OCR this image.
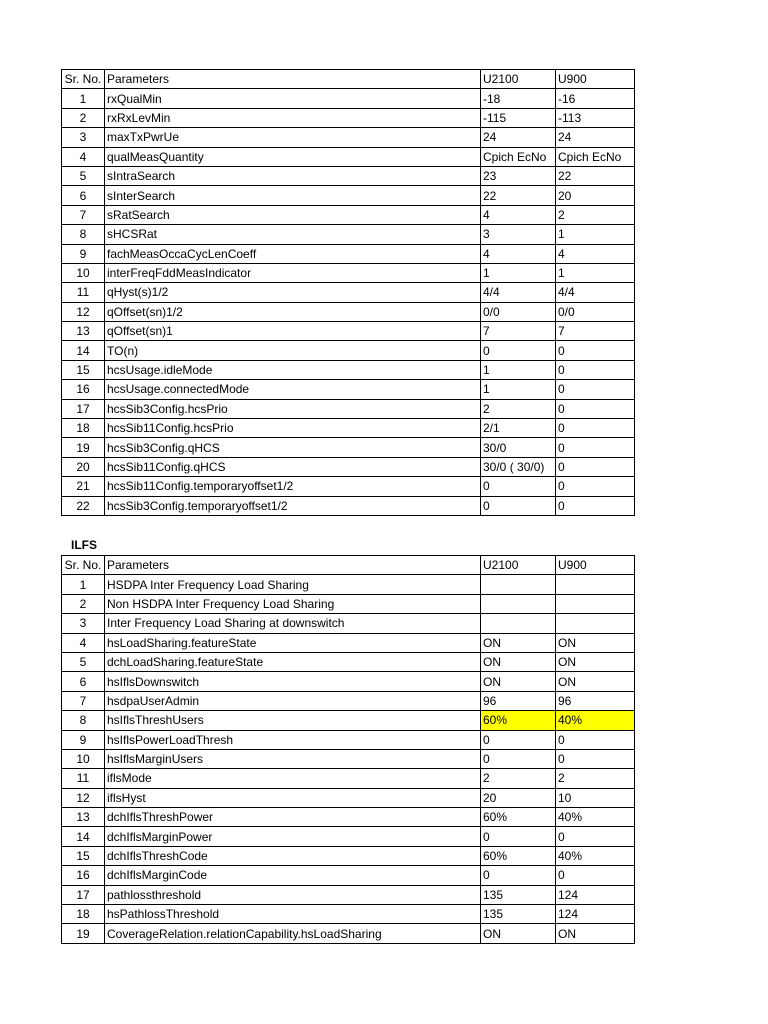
Sr. No.	Parameters	U2100	U900
1	rxQualMin	-18	-16
2	rxRxLevMin	-115	-113
3	maxTxPwrUe	24	24
4	qualMeasQuantity	Cpich EcNo	Cpich EcNo
5	sIntraSearch	23	22
6	sInterSearch	22	20
7	sRatSearch	4	2
8	sHCSRat	3	1
9	fachMeasOccaCycLenCoeff	4	4
10	interFreqFddMeasIndicator	1	1
11	qHyst(s)1/2	4/4	4/4
12	qOffset(sn)1/2	0/0	0/0
13	qOffset(sn)1	7	7
14	TO(n)	0	0
15	hcsUsage.idleMode	1	0
16	hcsUsage.connectedMode	1	0
17	hcsSib3Config.hcsPrio	2	0
18	hcsSib11Config.hcsPrio	2/1	0
19	hcsSib3Config.qHCS	30/0	0
20	hcsSib11Config.qHCS	30/0 ( 30/0)	0
21	hcsSib11Config.temporaryoffset1/2	0	0
22	hcsSib3Config.temporaryoffset1/2	0	0
ILFS
Sr. No.	Parameters	U2100	U900
1	HSDPA Inter Frequency Load Sharing		
2	Non HSDPA Inter Frequency Load Sharing		
3	Inter Frequency Load Sharing at downswitch		
4	hsLoadSharing.featureState	ON	ON
5	dchLoadSharing.featureState	ON	ON
6	hsIflsDownswitch	ON	ON
7	hsdpaUserAdmin	96	96
8	hsIflsThreshUsers	60%	40%
9	hsIflsPowerLoadThresh	0	0
10	hsIflsMarginUsers	0	0
11	iflsMode	2	2
12	iflsHyst	20	10
13	dchIflsThreshPower	60%	40%
14	dchIflsMarginPower	0	0
15	dchIflsThreshCode	60%	40%
16	dchIflsMarginCode	0	0
17	pathlossthreshold	135	124
18	hsPathlossThreshold	135	124
19	CoverageRelation.relationCapability.hsLoadSharing	ON	ON
